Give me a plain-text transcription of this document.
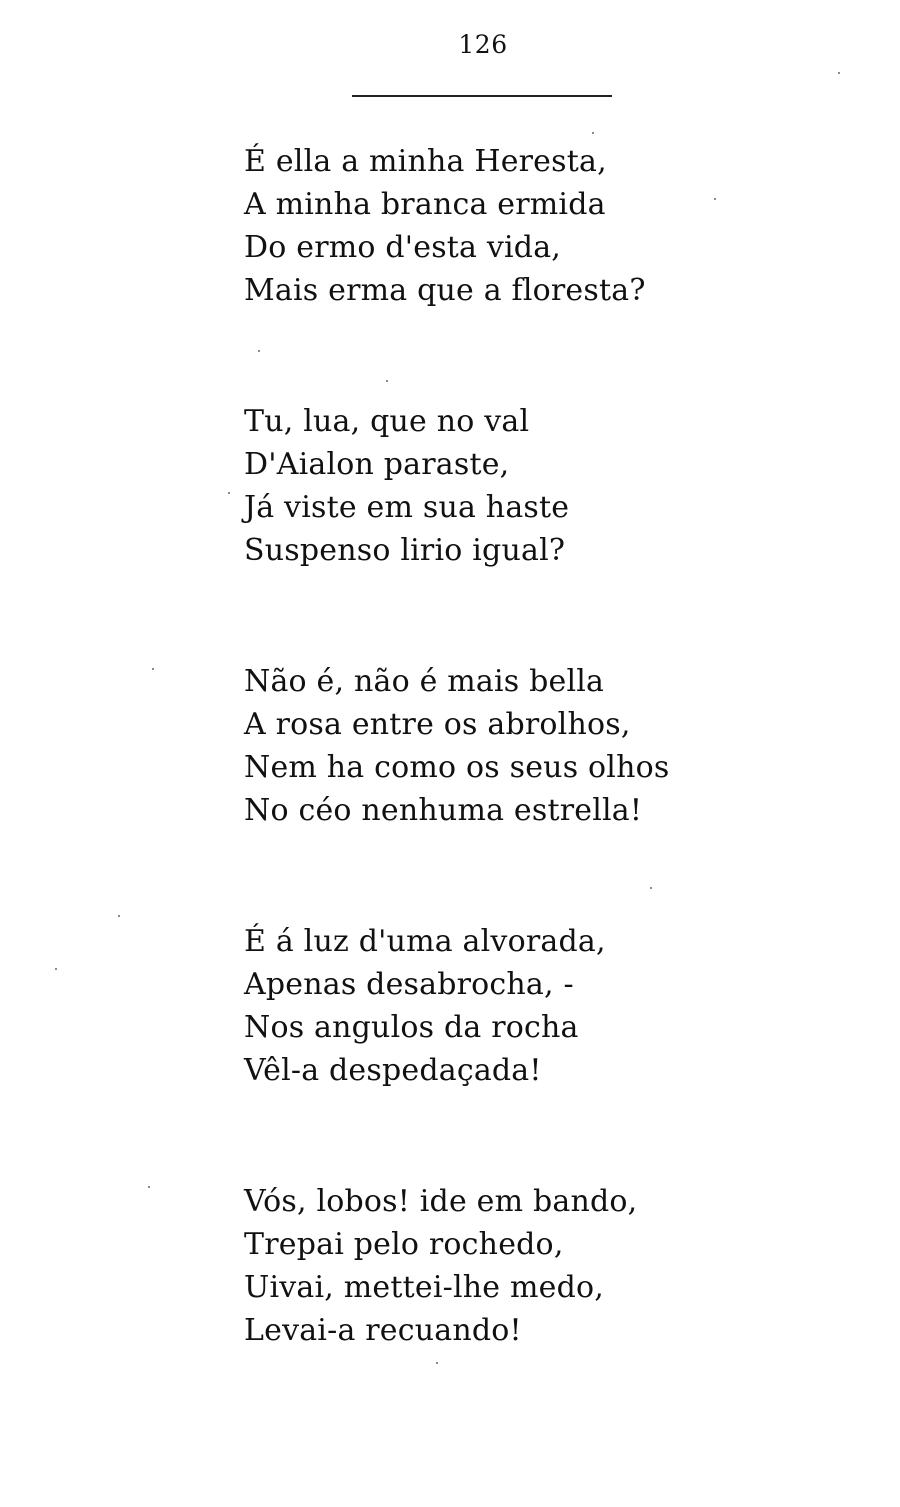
126
É ella a minha Heresta,
A minha branca ermida
Do ermo d'esta vida,
Mais erma que a floresta?
Tu, lua, que no val
D'Aialon paraste,
Já viste em sua haste
Suspenso lirio igual?
Não é, não é mais bella
A rosa entre os abrolhos,
Nem ha como os seus olhos
No céo nenhuma estrella!
É á luz d'uma alvorada,
Apenas desabrocha, -
Nos angulos da rocha
Vêl-a despedaçada!
Vós, lobos! ide em bando,
Trepai pelo rochedo,
Uivai, mettei-lhe medo,
Levai-a recuando!
